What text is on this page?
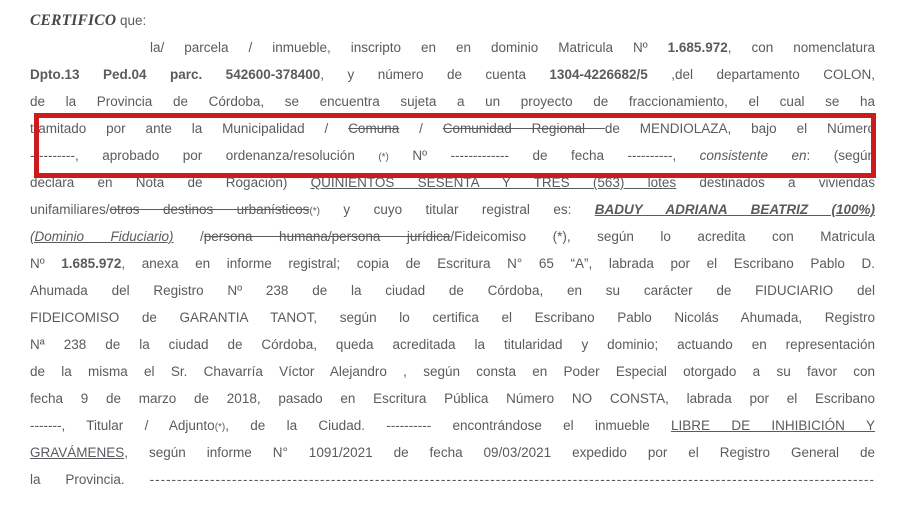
CERTIFICO que:
la/ parcela / inmueble, inscripto en en dominio Matricula Nº 1.685.972, con nomenclatura
Dpto.13 Ped.04 parc. 542600-378400, y número de cuenta 1304-4226682/5 ,del departamento COLON,
de la Provincia de Córdoba, se encuentra sujeta a un proyecto de fraccionamiento, el cual se ha
tramitado por ante la Municipalidad / Comuna / Comunidad Regional de MENDIOLAZA, bajo el Número
----------, aprobado por ordenanza/resolución (*) Nº ------------- de fecha ----------, consistente en: (según
declara en Nota de Rogación) QUINIENTOS SESENTA Y TRES (563) lotes destinados a viviendas
unifamiliares/otros destinos urbanísticos(*) y cuyo titular registral es: BADUY ADRIANA BEATRIZ (100%)
(Dominio Fiduciario) /persona humana/persona jurídica/Fideicomiso (*), según lo acredita con Matricula
Nº 1.685.972, anexa en informe registral; copia de Escritura N° 65 “A”, labrada por el Escribano Pablo D.
Ahumada del Registro Nº 238 de la ciudad de Córdoba, en su carácter de FIDUCIARIO del
FIDEICOMISO de GARANTIA TANOT, según lo certifica el Escribano Pablo Nicolás Ahumada, Registro
Nª 238 de la ciudad de Córdoba, queda acreditada la titularidad y dominio; actuando en representación
de la misma el Sr. Chavarría Víctor Alejandro , según consta en Poder Especial otorgado a su favor con
fecha 9 de marzo de 2018, pasado en Escritura Pública Número NO CONSTA, labrada por el Escribano
-------, Titular / Adjunto(*), de la Ciudad. ---------- encontrándose el inmueble LIBRE DE INHIBICIÓN Y
GRAVÁMENES, según informe N° 1091/2021 de fecha 09/03/2021 expedido por el Registro General de
la Provincia. ------------------------------------------------------------------------------------------------------------------------------------
